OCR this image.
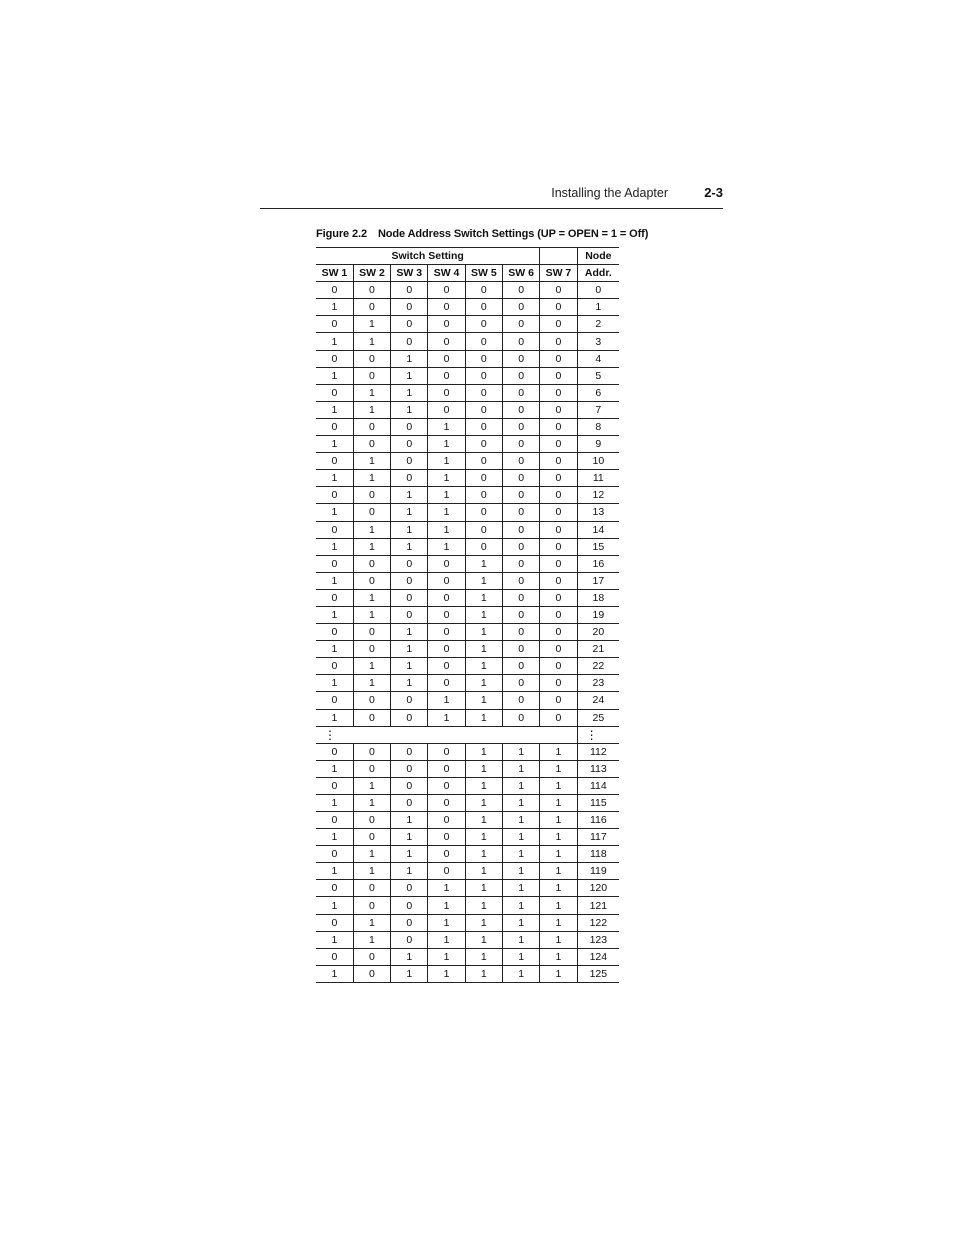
Installing the Adapter	2-3
Figure 2.2 Node Address Switch Settings (UP = OPEN = 1 = Off)
Switch Setting							Node
SW 1	SW 2	SW 3	SW 4	SW 5	SW 6	SW 7	Addr.
0	0	0	0	0	0	0	0
1	0	0	0	0	0	0	1
0	1	0	0	0	0	0	2
1	1	0	0	0	0	0	3
0	0	1	0	0	0	0	4
1	0	1	0	0	0	0	5
0	1	1	0	0	0	0	6
1	1	1	0	0	0	0	7
0	0	0	1	0	0	0	8
1	0	0	1	0	0	0	9
0	1	0	1	0	0	0	10
1	1	0	1	0	0	0	11
0	0	1	1	0	0	0	12
1	0	1	1	0	0	0	13
0	1	1	1	0	0	0	14
1	1	1	1	0	0	0	15
0	0	0	0	1	0	0	16
1	0	0	0	1	0	0	17
0	1	0	0	1	0	0	18
1	1	0	0	1	0	0	19
0	0	1	0	1	0	0	20
1	0	1	0	1	0	0	21
0	1	1	0	1	0	0	22
1	1	1	0	1	0	0	23
0	0	0	1	1	0	0	24
1	0	0	1	1	0	0	25
⋮							⋮
0	0	0	0	1	1	1	112
1	0	0	0	1	1	1	113
0	1	0	0	1	1	1	114
1	1	0	0	1	1	1	115
0	0	1	0	1	1	1	116
1	0	1	0	1	1	1	117
0	1	1	0	1	1	1	118
1	1	1	0	1	1	1	119
0	0	0	1	1	1	1	120
1	0	0	1	1	1	1	121
0	1	0	1	1	1	1	122
1	1	0	1	1	1	1	123
0	0	1	1	1	1	1	124
1	0	1	1	1	1	1	125
